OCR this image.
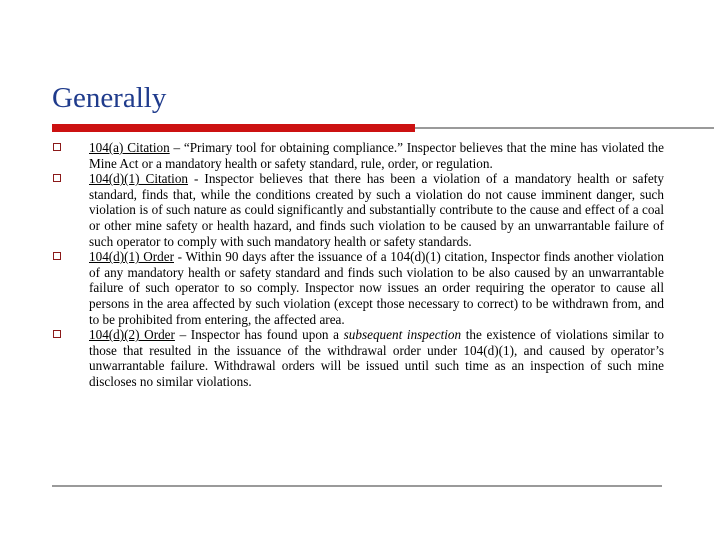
Generally
104(a) Citation – “Primary tool for obtaining compliance.” Inspector believes that the mine has violated the Mine Act or a mandatory health or safety standard, rule, order, or regulation.
104(d)(1) Citation - Inspector believes that there has been a violation of a mandatory health or safety standard, finds that, while the conditions created by such a violation do not cause imminent danger, such violation is of such nature as could significantly and substantially contribute to the cause and effect of a coal or other mine safety or health hazard, and finds such violation to be caused by an unwarrantable failure of such operator to comply with such mandatory health or safety standards.
104(d)(1) Order - Within 90 days after the issuance of a 104(d)(1) citation, Inspector finds another violation of any mandatory health or safety standard and finds such violation to be also caused by an unwarrantable failure of such operator to so comply. Inspector now issues an order requiring the operator to cause all persons in the area affected by such violation (except those necessary to correct) to be withdrawn from, and to be prohibited from entering, the affected area.
104(d)(2) Order – Inspector has found upon a subsequent inspection the existence of violations similar to those that resulted in the issuance of the withdrawal order under 104(d)(1), and caused by operator’s unwarrantable failure. Withdrawal orders will be issued until such time as an inspection of such mine discloses no similar violations.
